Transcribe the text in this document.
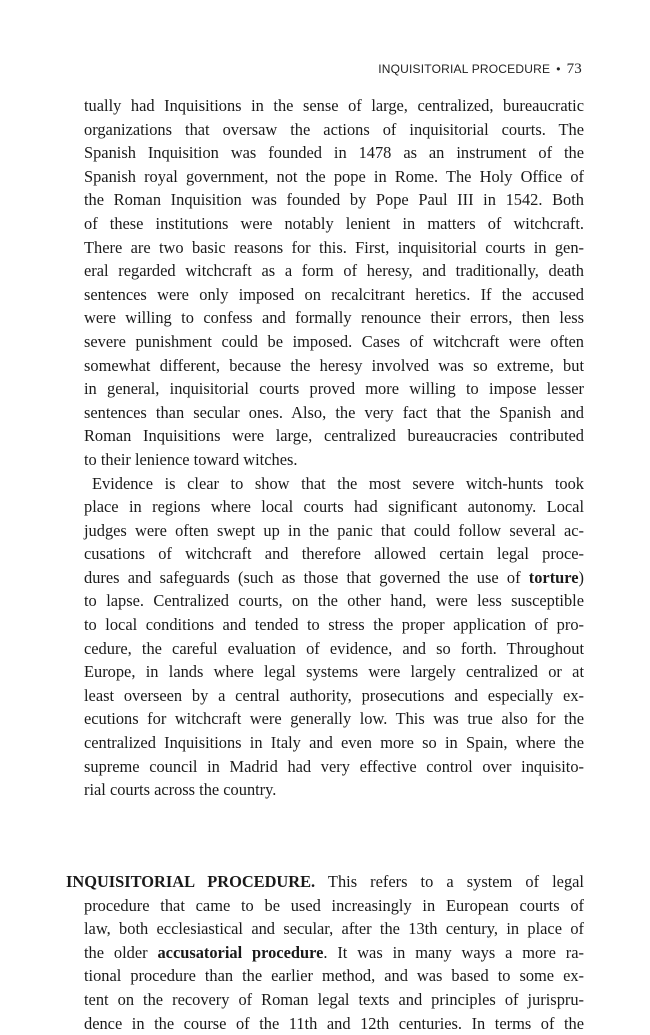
INQUISITORIAL PROCEDURE • 73
tually had Inquisitions in the sense of large, centralized, bureaucratic
organizations that oversaw the actions of inquisitorial courts. The
Spanish Inquisition was founded in 1478 as an instrument of the
Spanish royal government, not the pope in Rome. The Holy Office of
the Roman Inquisition was founded by Pope Paul III in 1542. Both
of these institutions were notably lenient in matters of witchcraft.
There are two basic reasons for this. First, inquisitorial courts in gen-
eral regarded witchcraft as a form of heresy, and traditionally, death
sentences were only imposed on recalcitrant heretics. If the accused
were willing to confess and formally renounce their errors, then less
severe punishment could be imposed. Cases of witchcraft were often
somewhat different, because the heresy involved was so extreme, but
in general, inquisitorial courts proved more willing to impose lesser
sentences than secular ones. Also, the very fact that the Spanish and
Roman Inquisitions were large, centralized bureaucracies contributed
to their lenience toward witches.
Evidence is clear to show that the most severe witch-hunts took
place in regions where local courts had significant autonomy. Local
judges were often swept up in the panic that could follow several ac-
cusations of witchcraft and therefore allowed certain legal proce-
dures and safeguards (such as those that governed the use of torture)
to lapse. Centralized courts, on the other hand, were less susceptible
to local conditions and tended to stress the proper application of pro-
cedure, the careful evaluation of evidence, and so forth. Throughout
Europe, in lands where legal systems were largely centralized or at
least overseen by a central authority, prosecutions and especially ex-
ecutions for witchcraft were generally low. This was true also for the
centralized Inquisitions in Italy and even more so in Spain, where the
supreme council in Madrid had very effective control over inquisito-
rial courts across the country.
INQUISITORIAL PROCEDURE. This refers to a system of legal
procedure that came to be used increasingly in European courts of
law, both ecclesiastical and secular, after the 13th century, in place of
the older accusatorial procedure. It was in many ways a more ra-
tional procedure than the earlier method, and was based to some ex-
tent on the recovery of Roman legal texts and principles of jurispru-
dence in the course of the 11th and 12th centuries. In terms of the
